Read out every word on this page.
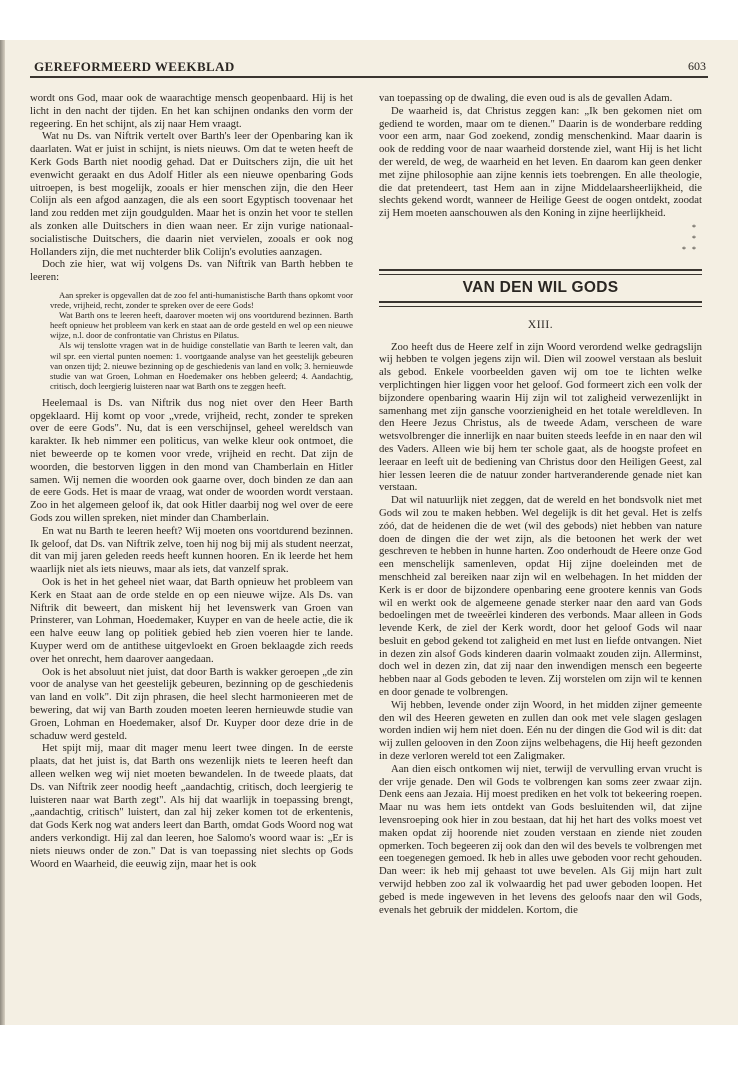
GEREFORMEERD WEEKBLAD	603

wordt ons God, maar ook de waarachtige mensch geopenbaard. Hij is het licht in den nacht der tijden. En het kan schijnen ondanks den vorm der regeering. En het schijnt, als zij naar Hem vraagt.

Wat nu Ds. van Niftrik vertelt over Barth's leer der Openbaring kan ik daarlaten. Wat er juist in schijnt, is niets nieuws. Om dat te weten heeft de Kerk Gods Barth niet noodig gehad. Dat er Duitschers zijn, die uit het evenwicht geraakt en dus Adolf Hitler als een nieuwe openbaring Gods uitroepen, is best mogelijk, zooals er hier menschen zijn, die den Heer Colijn als een afgod aanzagen, die als een soort Egyptisch toovenaar het land zou redden met zijn goudgulden. Maar het is onzin het voor te stellen als zonken alle Duitschers in dien waan neer. Er zijn vurige nationaal-socialistische Duitschers, die daarin niet vervielen, zooals er ook nog Hollanders zijn, die met nuchterder blik Colijn's evoluties aanzagen.

Doch zie hier, wat wij volgens Ds. van Niftrik van Barth hebben te leeren:

Aan spreker is opgevallen dat de zoo fel anti-humanistische Barth thans opkomt voor vrede, vrijheid, recht, zonder te spreken over de eere Gods!

Wat Barth ons te leeren heeft, daarover moeten wij ons voortdurend bezinnen. Barth heeft opnieuw het probleem van kerk en staat aan de orde gesteld en wel op een nieuwe wijze, n.l. door de confrontatie van Christus en Pilatus.

Als wij tenslotte vragen wat in de huidige constellatie van Barth te leeren valt, dan wil spr. een viertal punten noemen: 1. voortgaande analyse van het geestelijk gebeuren van onzen tijd; 2. nieuwe bezinning op de geschiedenis van land en volk; 3. hernieuwde studie van wat Groen, Lohman en Hoedemaker ons hebben geleerd; 4. Aandachtig, critisch, doch leergierig luisteren naar wat Barth ons te zeggen heeft.

Heelemaal is Ds. van Niftrik dus nog niet over den Heer Barth opgeklaard. Hij komt op voor „vrede, vrijheid, recht, zonder te spreken over de eere Gods". Nu, dat is een verschijnsel, geheel wereldsch van karakter. Ik heb nimmer een politicus, van welke kleur ook ontmoet, die niet beweerde op te komen voor vrede, vrijheid en recht. Dat zijn de woorden, die bestorven liggen in den mond van Chamberlain en Hitler samen. Wij nemen die woorden ook gaarne over, doch binden ze dan aan de eere Gods. Het is maar de vraag, wat onder de woorden wordt verstaan. Zoo in het algemeen geloof ik, dat ook Hitler daarbij nog wel over de eere Gods zou willen spreken, niet minder dan Chamberlain.

En wat nu Barth te leeren heeft? Wij moeten ons voortdurend bezinnen. Ik geloof, dat Ds. van Niftrik zelve, toen hij nog bij mij als student neerzat, dit van mij jaren geleden reeds heeft kunnen hooren. En ik leerde het hem waarlijk niet als iets nieuws, maar als iets, dat vanzelf sprak.

Ook is het in het geheel niet waar, dat Barth opnieuw het probleem van Kerk en Staat aan de orde stelde en op een nieuwe wijze. Als Ds. van Niftrik dit beweert, dan miskent hij het levenswerk van Groen van Prinsterer, van Lohman, Hoedemaker, Kuyper en van de heele actie, die ik een halve eeuw lang op politiek gebied heb zien voeren hier te lande. Kuyper werd om de antithese uitgevloekt en Groen beklaagde zich reeds over het onrecht, hem daarover aangedaan.

Ook is het absoluut niet juist, dat door Barth is wakker geroepen „de zin voor de analyse van het geestelijk gebeuren, bezinning op de geschiedenis van land en volk". Dit zijn phrasen, die heel slecht harmonieeren met de bewering, dat wij van Barth zouden moeten leeren hernieuwde studie van Groen, Lohman en Hoedemaker, alsof Dr. Kuyper door deze drie in de schaduw werd gesteld.

Het spijt mij, maar dit mager menu leert twee dingen. In de eerste plaats, dat het juist is, dat Barth ons wezenlijk niets te leeren heeft dan alleen welken weg wij niet moeten bewandelen. In de tweede plaats, dat Ds. van Niftrik zeer noodig heeft „aandachtig, critisch, doch leergierig te luisteren naar wat Barth zegt". Als hij dat waarlijk in toepassing brengt, „aandachtig, critisch" luistert, dan zal hij zeker komen tot de erkentenis, dat Gods Kerk nog wat anders leert dan Barth, omdat Gods Woord nog wat anders verkondigt. Hij zal dan leeren, hoe Salomo's woord waar is: „Er is niets nieuws onder de zon." Dat is van toepassing niet slechts op Gods Woord en Waarheid, die eeuwig zijn, maar het is ook

van toepassing op de dwaling, die even oud is als de gevallen Adam.

De waarheid is, dat Christus zeggen kan: „Ik ben gekomen niet om gediend te worden, maar om te dienen." Daarin is de wonderbare redding voor een arm, naar God zoekend, zondig menschenkind. Maar daarin is ook de redding voor de naar waarheid dorstende ziel, want Hij is het licht der wereld, de weg, de waarheid en het leven. En daarom kan geen denker met zijne philosophie aan zijne kennis iets toebrengen. En alle theologie, die dat pretendeert, tast Hem aan in zijne Middelaarsheerlijkheid, die slechts gekend wordt, wanneer de Heilige Geest de oogen ontdekt, zoodat zij Hem moeten aanschouwen als den Koning in zijne heerlijkheid.

*
*
* *
VAN DEN WIL GODS
XIII.

Zoo heeft dus de Heere zelf in zijn Woord verordend welke gedragslijn wij hebben te volgen jegens zijn wil. Dien wil zoowel verstaan als besluit als gebod. Enkele voorbeelden gaven wij om toe te lichten welke verplichtingen hier liggen voor het geloof. God formeert zich een volk der bijzondere openbaring waarin Hij zijn wil tot zaligheid verwezenlijkt in samenhang met zijn gansche voorzienigheid en het totale wereldleven. In den Heere Jezus Christus, als de tweede Adam, verscheen de ware wetsvolbrenger die innerlijk en naar buiten steeds leefde in en naar den wil des Vaders. Alleen wie bij hem ter schole gaat, als de hoogste profeet en leeraar en leeft uit de bediening van Christus door den Heiligen Geest, zal hier lessen leeren die de natuur zonder hartveranderende genade niet kan verstaan.

Dat wil natuurlijk niet zeggen, dat de wereld en het bondsvolk niet met Gods wil zou te maken hebben. Wel degelijk is dit het geval. Het is zelfs zóó, dat de heidenen die de wet (wil des gebods) niet hebben van nature doen de dingen die der wet zijn, als die betoonen het werk der wet geschreven te hebben in hunne harten. Zoo onderhoudt de Heere onze God een menschelijk samenleven, opdat Hij zijne doeleinden met de menschheid zal bereiken naar zijn wil en welbehagen. In het midden der Kerk is er door de bijzondere openbaring eene grootere kennis van Gods wil en werkt ook de algemeene genade sterker naar den aard van Gods bedoelingen met de tweeërlei kinderen des verbonds. Maar alleen in Gods levende Kerk, de ziel der Kerk wordt, door het geloof Gods wil naar besluit en gebod gekend tot zaligheid en met lust en liefde ontvangen. Niet in dezen zin alsof Gods kinderen daarin volmaakt zouden zijn. Allerminst, doch wel in dezen zin, dat zij naar den inwendigen mensch een begeerte hebben naar al Gods geboden te leven. Zij worstelen om zijn wil te kennen en door genade te volbrengen.

Wij hebben, levende onder zijn Woord, in het midden zijner gemeente den wil des Heeren geweten en zullen dan ook met vele slagen geslagen worden indien wij hem niet doen. Eén nu der dingen die God wil is dit: dat wij zullen gelooven in den Zoon zijns welbehagens, die Hij heeft gezonden in deze verloren wereld tot een Zaligmaker.

Aan dien eisch ontkomen wij niet, terwijl de vervulling ervan vrucht is der vrije genade. Den wil Gods te volbrengen kan soms zeer zwaar zijn. Denk eens aan Jezaia. Hij moest prediken en het volk tot bekeering roepen. Maar nu was hem iets ontdekt van Gods besluitenden wil, dat zijne levensroeping ook hier in zou bestaan, dat hij het hart des volks moest vet maken opdat zij hoorende niet zouden verstaan en ziende niet zouden opmerken. Toch begeeren zij ook dan den wil des bevels te volbrengen met een toegenegen gemoed. Ik heb in alles uwe geboden voor recht gehouden. Dan weer: ik heb mij gehaast tot uwe bevelen. Als Gij mijn hart zult verwijd hebben zoo zal ik volwaardig het pad uwer geboden loopen. Het gebed is mede ingeweven in het levens des geloofs naar den wil Gods, evenals het gebruik der middelen. Kortom, die
